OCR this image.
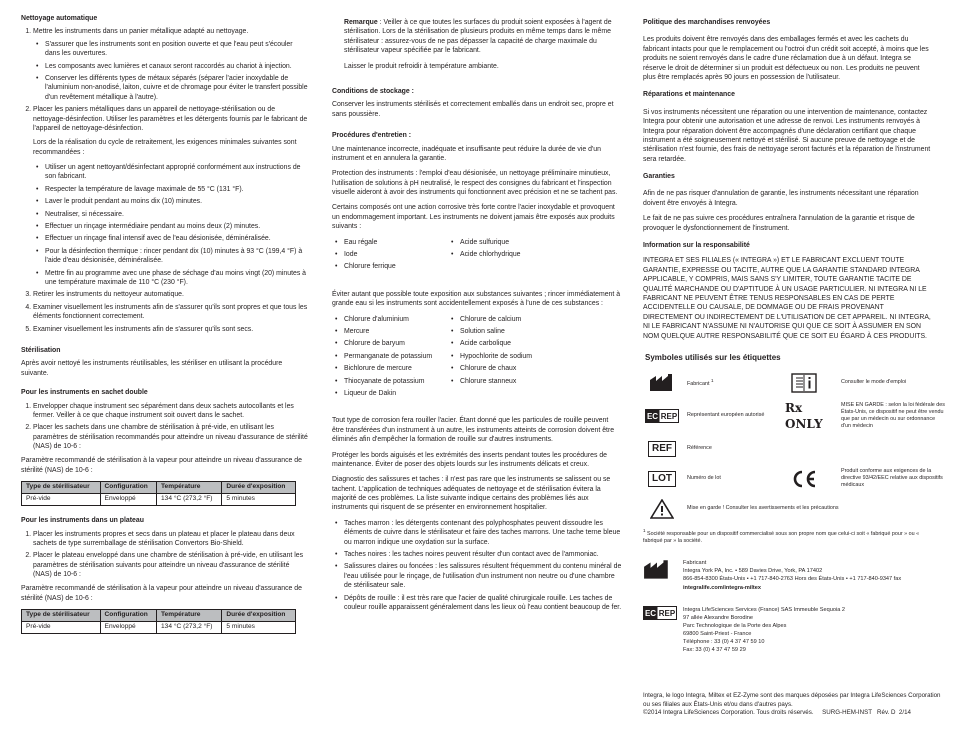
Nettoyage automatique
1. Mettre les instruments dans un panier métallique adapté au nettoyage.
• S'assurer que les instruments sont en position ouverte et que l'eau peut s'écouler dans les ouvertures.
• Les composants avec lumières et canaux seront raccordés au chariot à injection.
• Conserver les différents types de métaux séparés (séparer l'acier inoxydable de l'aluminium non-anodisé, laiton, cuivre et de chromage pour éviter le transfert possible d'un revêtement métallique à l'autre).
2. Placer les paniers métalliques dans un appareil de nettoyage-stérilisation ou de nettoyage-désinfection. Utiliser les paramètres et les détergents fournis par le fabricant de l'appareil de nettoyage-désinfection.

Lors de la réalisation du cycle de retraitement, les exigences minimales suivantes sont recommandées :

• Utiliser un agent nettoyant/désinfectant approprié conformément aux instructions de son fabricant.
• Respecter la température de lavage maximale de 55 °C (131 °F).
• Laver le produit pendant au moins dix (10) minutes.
• Neutraliser, si nécessaire.
• Effectuer un rinçage intermédiaire pendant au moins deux (2) minutes.
• Effectuer un rinçage final intensif avec de l'eau désionisée, déminéralisée.
• Pour la désinfection thermique : rincer pendant dix (10) minutes à 93 °C (199,4 °F) à l'aide d'eau désionisée, déminéralisée.
• Mettre fin au programme avec une phase de séchage d'au moins vingt (20) minutes à une température maximale de 110 °C (230 °F).
3. Retirer les instruments du nettoyeur automatique.
4. Examiner visuellement les instruments afin de s'assurer qu'ils sont propres et que tous les éléments fonctionnent correctement.
5. Examiner visuellement les instruments afin de s'assurer qu'ils sont secs.
Stérilisation

Après avoir nettoyé les instruments réutilisables, les stériliser en utilisant la procédure suivante.

Pour les instruments en sachet double
1. Envelopper chaque instrument sec séparément dans deux sachets autocollants et les fermer. Veiller à ce que chaque instrument soit ouvert dans le sachet.
2. Placer les sachets dans une chambre de stérilisation à pré-vide, en utilisant les paramètres de stérilisation recommandés pour atteindre un niveau d'assurance de stérilité (NAS) de 10-6 :

Paramètre recommandé de stérilisation à la vapeur pour atteindre un niveau d'assurance de stérilité (NAS) de 10-6 :

Type de stérilisateur	Configuration	Température	Durée d'exposition
Pré-vide	Enveloppé	134 °C (273,2 °F)	5 minutes
Pour les instruments dans un plateau
1. Placer les instruments propres et secs dans un plateau et placer le plateau dans deux sachets de type surremballage de stérilisation Convertors Bio-Shield.
2. Placer le plateau enveloppé dans une chambre de stérilisation à pré-vide, en utilisant les paramètres de stérilisation suivants pour atteindre un niveau d'assurance de stérilité (NAS) de 10-6 :

Paramètre recommandé de stérilisation à la vapeur pour atteindre un niveau d'assurance de stérilité (NAS) de 10-6 :

Type de stérilisateur	Configuration	Température	Durée d'exposition
Pré-vide	Enveloppé	134 °C (273,2 °F)	5 minutes

Remarque : Veiller à ce que toutes les surfaces du produit soient exposées à l'agent de stérilisation. Lors de la stérilisation de plusieurs produits en même temps dans le même stérilisateur : assurez-vous de ne pas dépasser la capacité de charge maximale du stérilisateur vapeur spécifiée par le fabricant.

Laisser le produit refroidir à température ambiante.

Conditions de stockage :

Conserver les instruments stérilisés et correctement emballés dans un endroit sec, propre et sans poussière.

Procédures d'entretien :

Une maintenance incorrecte, inadéquate et insuffisante peut réduire la durée de vie d'un instrument et en annulera la garantie.

Protection des instruments : l'emploi d'eau désionisée, un nettoyage préliminaire minutieux, l'utilisation de solutions à pH neutralisé, le respect des consignes du fabricant et l'inspection visuelle aideront à avoir des instruments qui fonctionnent avec précision et ne se tachent pas.

Certains composés ont une action corrosive très forte contre l'acier inoxydable et provoquent un endommagement important. Les instruments ne doivent jamais être exposés aux produits suivants :

• Eau régale
• Iode
• Chlorure ferrique
• Acide sulfurique
• Acide chlorhydrique

Éviter autant que possible toute exposition aux substances suivantes ; rincer immédiatement à grande eau si les instruments sont accidentellement exposés à l'une de ces substances :

• Chlorure d'aluminium
• Mercure
• Chlorure de baryum
• Permanganate de potassium
• Bichlorure de mercure
• Thiocyanate de potassium
• Liqueur de Dakin
• Chlorure de calcium
• Solution saline
• Acide carbolique
• Hypochlorite de sodium
• Chlorure de chaux
• Chlorure stanneux

Tout type de corrosion fera rouiller l'acier. Étant donné que les particules de rouille peuvent être transférées d'un instrument à un autre, les instruments atteints de corrosion doivent être éliminés afin d'empêcher la formation de rouille sur d'autres instruments.

Protéger les bords aiguisés et les extrémités des inserts pendant toutes les procédures de maintenance. Éviter de poser des objets lourds sur les instruments délicats et creux.

Diagnostic des salissures et taches : il n'est pas rare que les instruments se salissent ou se tachent. L'application de techniques adéquates de nettoyage et de stérilisation évitera la majorité de ces problèmes. La liste suivante indique certains des problèmes liés aux instruments qui risquent de se présenter en environnement hospitalier.

• Taches marron : les détergents contenant des polyphosphates peuvent dissoudre les éléments de cuivre dans le stérilisateur et faire des taches marrons. Une tache terne bleue ou marron indique une oxydation sur la surface.
• Taches noires : les taches noires peuvent résulter d'un contact avec de l'ammoniac.
• Salissures claires ou foncées : les salissures résultent fréquemment du contenu minéral de l'eau utilisée pour le rinçage, de l'utilisation d'un instrument non neutre ou d'une chambre de stérilisateur sale.
• Dépôts de rouille : il est très rare que l'acier de qualité chirurgicale rouille. Les taches de couleur rouille apparaissent généralement dans les lieux où l'eau contient beaucoup de fer.
Politique des marchandises renvoyées

Les produits doivent être renvoyés dans des emballages fermés et avec les cachets du fabricant intacts pour que le remplacement ou l'octroi d'un crédit soit accepté, à moins que les produits ne soient renvoyés dans le cadre d'une réclamation due à un défaut. Integra se réserve le droit de déterminer si un produit est défectueux ou non. Les produits ne peuvent plus être remplacés après 90 jours en possession de l'utilisateur.

Réparations et maintenance

Si vos instruments nécessitent une réparation ou une intervention de maintenance, contactez Integra pour obtenir une autorisation et une adresse de renvoi. Les instruments renvoyés à Integra pour réparation doivent être accompagnés d'une déclaration certifiant que chaque instrument a été soigneusement nettoyé et stérilisé. Si aucune preuve de nettoyage et de stérilisation n'est fournie, des frais de nettoyage seront facturés et la réparation de l'instrument sera retardée.

Garanties

Afin de ne pas risquer d'annulation de garantie, les instruments nécessitant une réparation doivent être envoyés à Integra.

Le fait de ne pas suivre ces procédures entraînera l'annulation de la garantie et risque de provoquer le dysfonctionnement de l'instrument.

Information sur la responsabilité

INTEGRA ET SES FILIALES (« INTEGRA ») ET LE FABRICANT EXCLUENT TOUTE GARANTIE, EXPRESSE OU TACITE, AUTRE QUE LA GARANTIE STANDARD INTEGRA APPLICABLE, Y COMPRIS, MAIS SANS S'Y LIMITER, TOUTE GARANTIE TACITE DE QUALITÉ MARCHANDE OU D'APTITUDE À UN USAGE PARTICULIER. NI INTEGRA NI LE FABRICANT NE PEUVENT ÊTRE TENUS RESPONSABLES EN CAS DE PERTE ACCIDENTELLE OU CAUSALE, DE DOMMAGE OU DE FRAIS PROVENANT DIRECTEMENT OU INDIRECTEMENT DE L'UTILISATION DE CET APPAREIL. NI INTEGRA, NI LE FABRICANT N'ASSUME NI N'AUTORISE QUI QUE CE SOIT À ASSUMER EN SON NOM QUELQUE AUTRE RESPONSABILITÉ QUE CE SOIT EU ÉGARD À CES PRODUITS.

Symboles utilisés sur les étiquettes
Fabricant $^1$	Consulter le mode d'emploi
EC REP Représentant européen autorisé
Rx ONLY
MISE EN GARDE : selon la loi fédérale des États-Unis, ce dispositif ne peut être vendu que par un médecin ou sur ordonnance d'un médecin
REF	Référence
LOT	Numéro de lot
Produit conforme aux exigences de la directive 93/42/EEC relative aux dispositifs médicaux
Mise en garde ! Consulter les avertissements et les précautions
$^1$ Société responsable pour un dispositif commercialisé sous son propre nom que celui-ci soit « fabriqué pour » ou « fabriqué par » la société.
Fabricant
Integra York PA, Inc. • 589 Davies Drive, York, PA 17402
866-854-8300 États-Unis • +1 717-840-2763 Hors des États-Unis • +1 717-840-9347 fax
integralife.com/integra-miltex
EC REP Integra LifeSciences Services (France) SAS Immeuble Sequoia 2
97 allée Alexandre Borodine
Parc Technologique de la Porte des Alpes
69800 Saint-Priest - France
Téléphone : 33 (0) 4 37 47 59 10
Fax: 33 (0) 4 37 47 59 29
Integra, le logo Integra, Miltex et EZ-Zyme sont des marques déposées par Integra LifeSciences Corporation ou ses filiales aux États-Unis et/ou dans d'autres pays.
©2014 Integra LifeSciences Corporation. Tous droits réservés.     SURG-HEM-INST   Rév. D  2/14
